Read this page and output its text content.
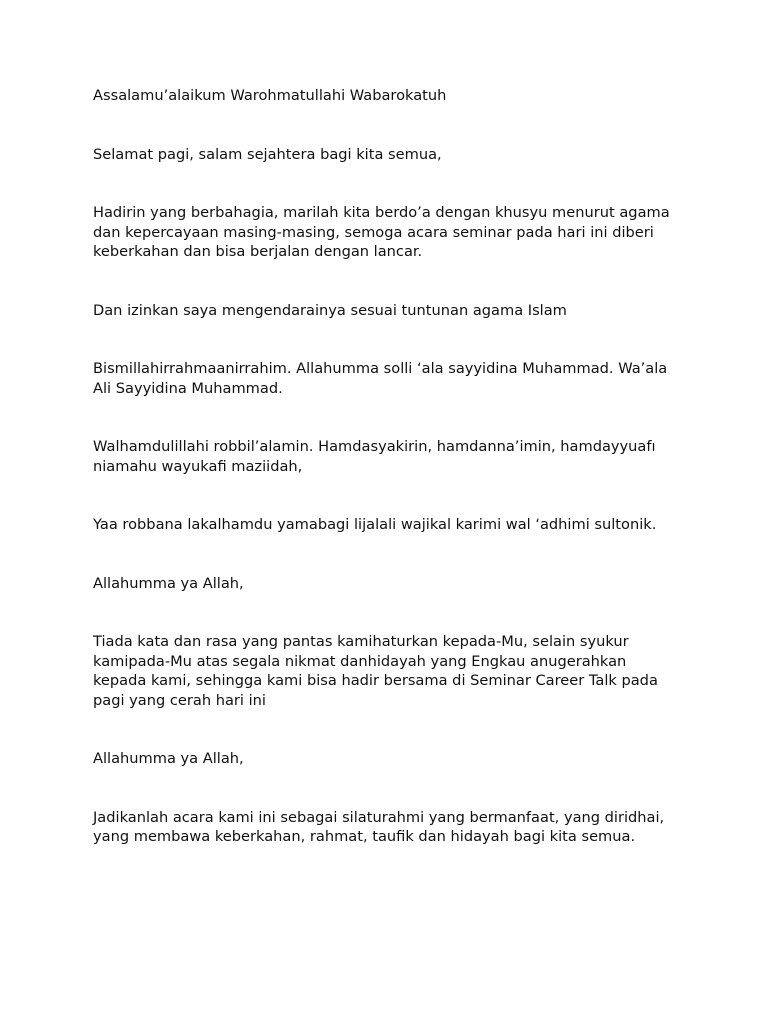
Assalamu’alaikum Warohmatullahi Wabarokatuh

Selamat pagi, salam sejahtera bagi kita semua,

Hadirin yang berbahagia, marilah kita berdo’a dengan khusyu menurut agama dan kepercayaan masing-masing, semoga acara seminar pada hari ini diberi keberkahan dan bisa berjalan dengan lancar.

Dan izinkan saya mengendarainya sesuai tuntunan agama Islam

Bismillahirrahmaanirrahim. Allahumma solli ‘ala sayyidina Muhammad. Wa’ala Ali Sayyidina Muhammad.

Walhamdulillahi robbil’alamin. Hamdasyakirin, hamdanna’imin, hamdayyuafı niamahu wayukafi maziidah,

Yaa robbana lakalhamdu yamabagi lijalali wajikal karimi wal ‘adhimi sultonik.

Allahumma ya Allah,

Tiada kata dan rasa yang pantas kamihaturkan kepada-Mu, selain syukur kamipada-Mu atas segala nikmat danhidayah yang Engkau anugerahkan kepada kami, sehingga kami bisa hadir bersama di Seminar Career Talk pada pagi yang cerah hari ini

Allahumma ya Allah,

Jadikanlah acara kami ini sebagai silaturahmi yang bermanfaat, yang diridhai, yang membawa keberkahan, rahmat, taufik dan hidayah bagi kita semua.
